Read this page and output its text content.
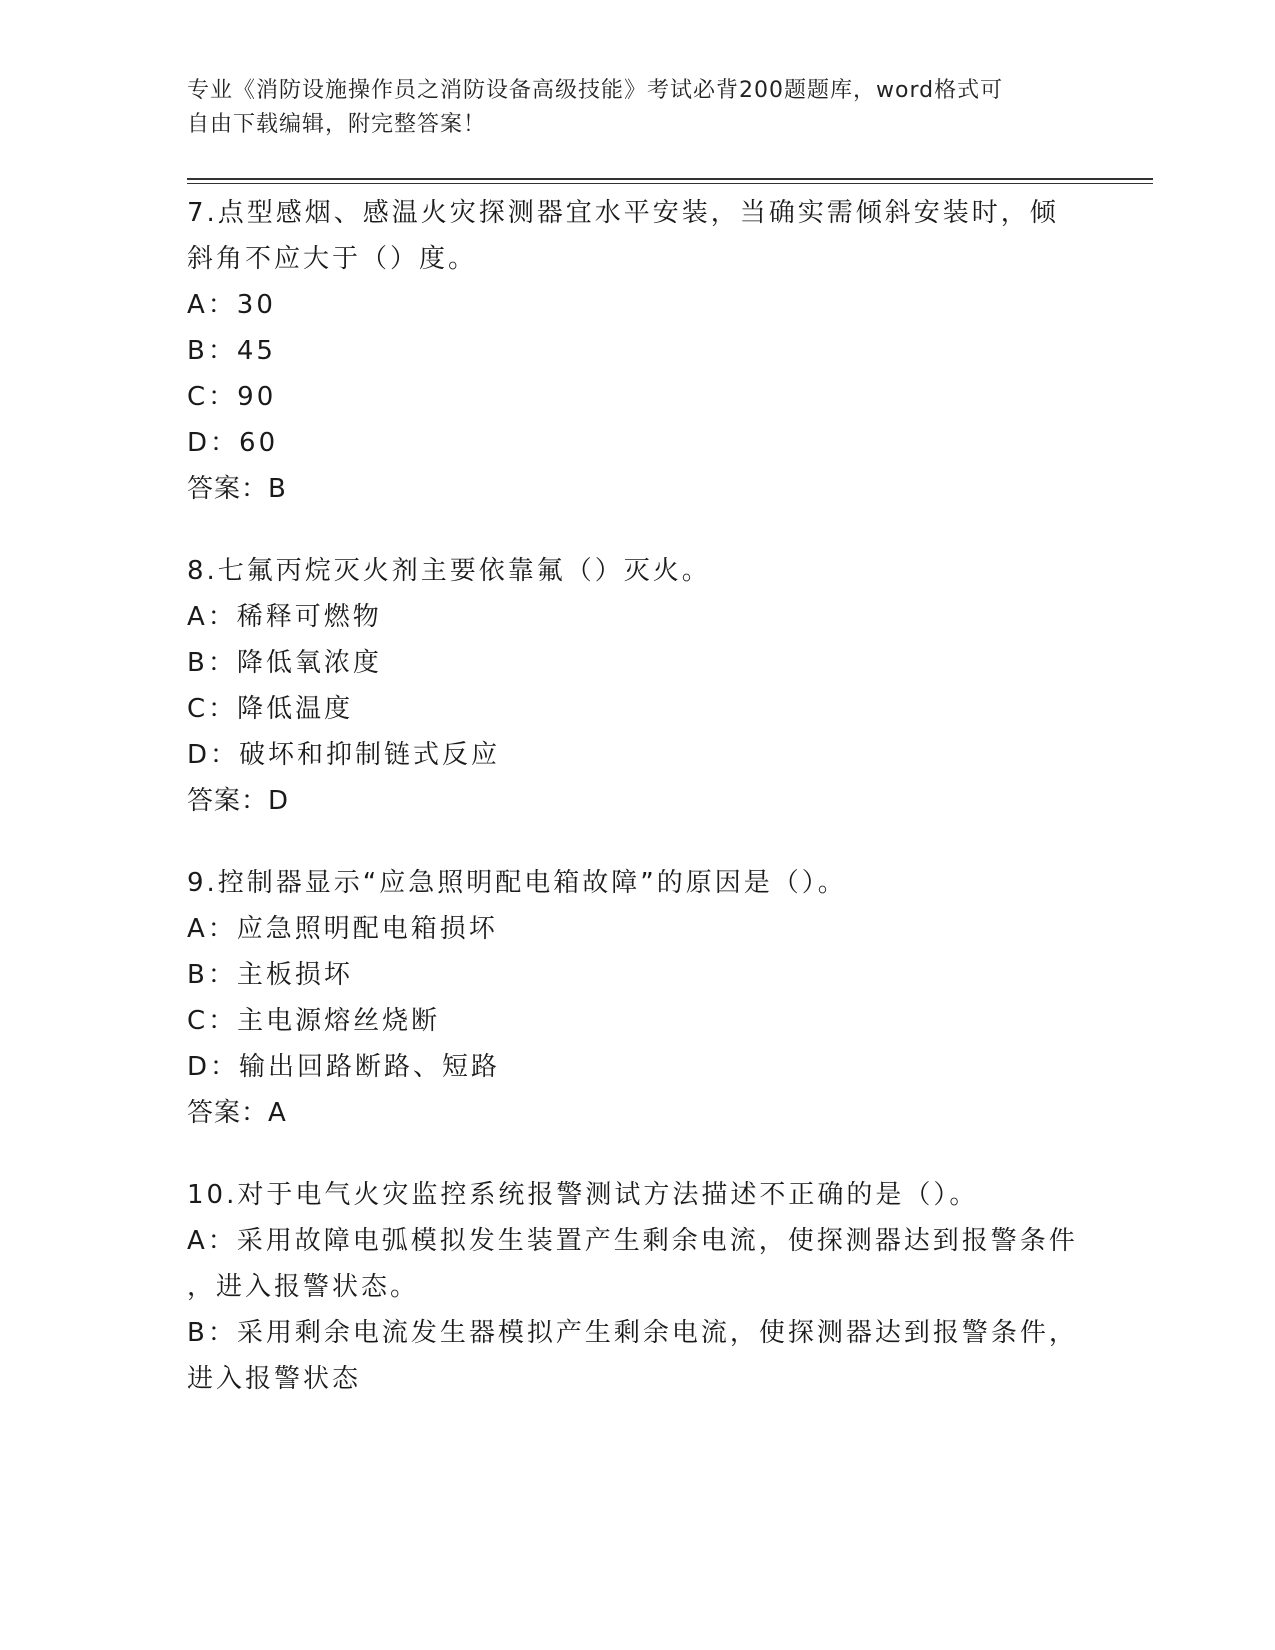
专业《消防设施操作员之消防设备高级技能》考试必背200题题库，word格式可
自由下载编辑，附完整答案！

7.点型感烟、感温火灾探测器宜水平安装，当确实需倾斜安装时，倾

斜角不应大于（）度。

A：30

B：45

C：90

D：60

答案：B

8.七氟丙烷灭火剂主要依靠氟（）灭火。

A：稀释可燃物

B：降低氧浓度

C：降低温度

D：破坏和抑制链式反应

答案：D

9.控制器显示“应急照明配电箱故障”的原因是（）。

A：应急照明配电箱损坏

B：主板损坏

C：主电源熔丝烧断

D：输出回路断路、短路

答案：A

10.对于电气火灾监控系统报警测试方法描述不正确的是（）。

A：采用故障电弧模拟发生装置产生剩余电流，使探测器达到报警条件

，进入报警状态。

B：采用剩余电流发生器模拟产生剩余电流，使探测器达到报警条件，

进入报警状态
